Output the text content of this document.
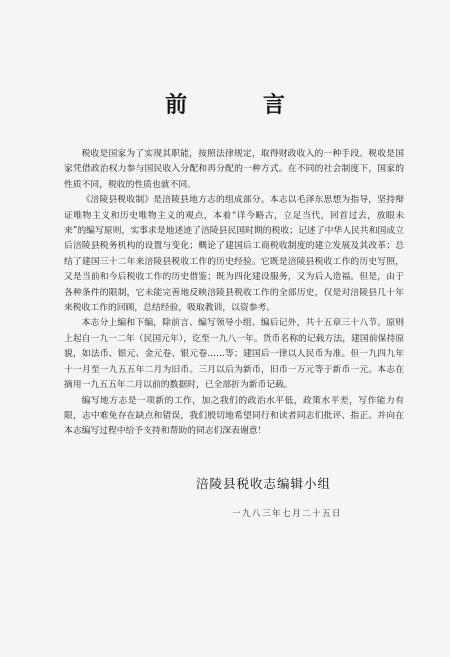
前 言

税收是国家为了实现其职能，按照法律规定，取得财政收入的一种手段。税收是国家凭借政治权力参与国民收入分配和再分配的一种方式。在不同的社会制度下，国家的性质不同，税收的性质也就不同。

《涪陵县税收制》是涪陵县地方志的组成部分。本志以毛泽东思想为指导，坚持辩证唯物主义和历史唯物主义的观点，本着“详今略古，立足当代，回首过去，放眼未来”的编写原则，实事求是地述迹了涪陵县民国时期的税收；记述了中华人民共和国成立后涪陵县税务机构的设置与变化；概论了建国后工商税收制度的建立发展及其改革；总结了建国三十二年来涪陵县税收工作的历史经验。它既是涪陵县税收工作的历史写照，又是当前和今后税收工作的历史借鉴；既为四化建设服务，又为后人造福。但是，由于各种条件的限制，它未能完善地反映涪陵县税收工作的全部历史，仅是对涪陵县几十年来税收工作的回顾，总结经验，吸取教训，以资参考。

本志分上编和下编，除前言、编写领导小组、编后记外，共十五章三十八节。原则上起自一九一二年（民国元年），讫至一九八一年。货币名称的记载方法，建国前保持原貌，如法币、银元、金元卷、银元卷……等；建国后一律以人民币为准。但一九四九年十一月至一九五五年二月为旧币。三月以后为新币，旧币一万元等于新币一元。本志在摘用一九五五年二月以前的数据时，已全部折为新币记载。

编写地方志是一项新的工作，加之我们的政治水平低，政策水平差，写作能力有限，志中难免存在缺点和错误，我们殷切地希望同行和读者同志们批评、指正。并向在本志编写过程中给予支持和帮助的同志们深表谢意！

涪陵县税收志编辑小组
一九八三年七月二十五日
